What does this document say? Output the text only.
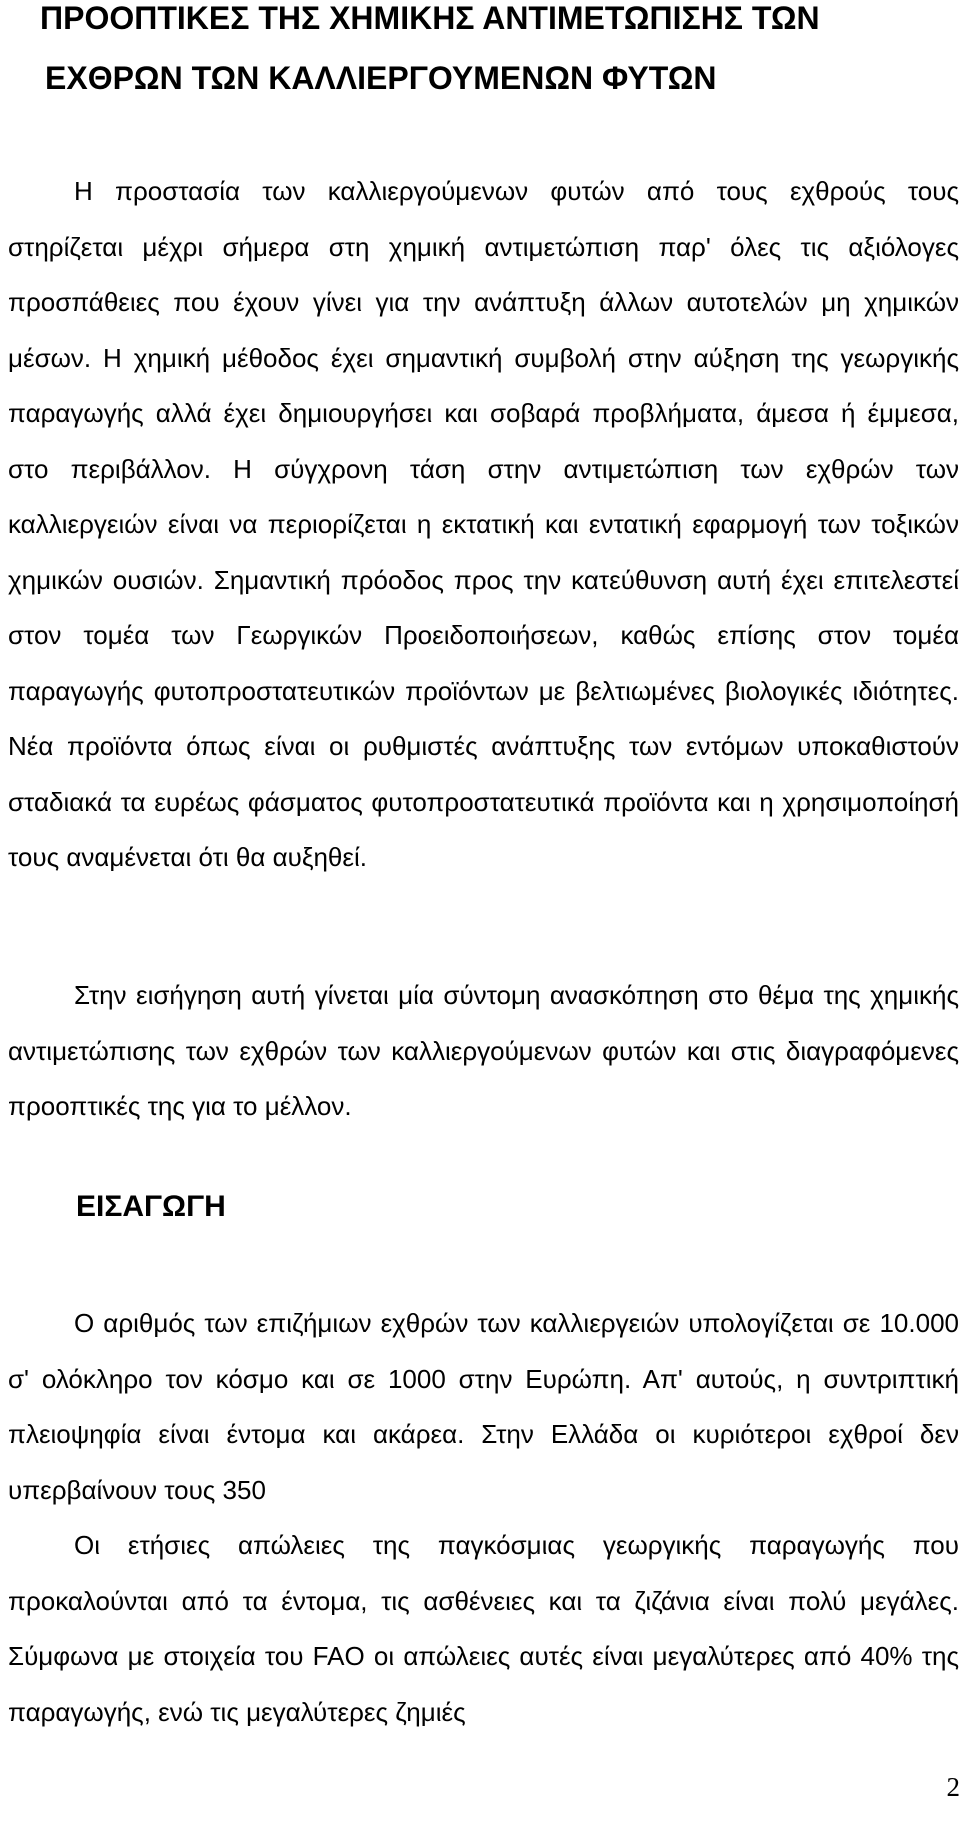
ΠΡΟΟΠΤΙΚΕΣ ΤΗΣ ΧΗΜΙΚΗΣ ΑΝΤΙΜΕΤΩΠΙΣΗΣ ΤΩΝ
ΕΧΘΡΩΝ ΤΩΝ ΚΑΛΛΙΕΡΓΟΥΜΕΝΩΝ ΦΥΤΩΝ

Η προστασία των καλλιεργούμενων φυτών από τους εχθρούς τους στηρίζεται μέχρι σήμερα στη χημική αντιμετώπιση παρ' όλες τις αξιόλογες προσπάθειες που έχουν γίνει για την ανάπτυξη άλλων αυτοτελών μη χημικών μέσων. Η χημική μέθοδος έχει σημαντική συμβολή στην αύξηση της γεωργικής παραγωγής αλλά έχει δημιουργήσει και σοβαρά προβλήματα, άμεσα ή έμμεσα, στο περιβάλλον. Η σύγχρονη τάση στην αντιμετώπιση των εχθρών των καλλιεργειών είναι να περιορίζεται η εκτατική και εντατική εφαρμογή των τοξικών χημικών ουσιών. Σημαντική πρόοδος προς την κατεύθυνση αυτή έχει επιτελεστεί στον τομέα των Γεωργικών Προειδοποιήσεων, καθώς επίσης στον τομέα παραγωγής φυτοπροστατευτικών προϊόντων με βελτιωμένες βιολογικές ιδιότητες. Νέα προϊόντα όπως είναι οι ρυθμιστές ανάπτυξης των εντόμων υποκαθιστούν σταδιακά τα ευρέως φάσματος φυτοπροστατευτικά προϊόντα και η χρησιμοποίησή τους αναμένεται ότι θα αυξηθεί.

Στην εισήγηση αυτή γίνεται μία σύντομη ανασκόπηση στο θέμα της χημικής αντιμετώπισης των εχθρών των καλλιεργούμενων φυτών και στις διαγραφόμενες προοπτικές της για το μέλλον.

ΕΙΣΑΓΩΓΗ

Ο αριθμός των επιζήμιων εχθρών των καλλιεργειών υπολογίζεται σε 10.000 σ' ολόκληρο τον κόσμο και σε 1000 στην Ευρώπη. Απ' αυτούς, η συντριπτική πλειοψηφία είναι έντομα και ακάρεα. Στην Ελλάδα οι κυριότεροι εχθροί δεν υπερβαίνουν τους 350

Οι ετήσιες απώλειες της παγκόσμιας γεωργικής παραγωγής που προκαλούνται από τα έντομα, τις ασθένειες και τα ζιζάνια είναι πολύ μεγάλες. Σύμφωνα με στοιχεία του FAO οι απώλειες αυτές είναι μεγαλύτερες από 40% της παραγωγής, ενώ τις μεγαλύτερες ζημιές

2
